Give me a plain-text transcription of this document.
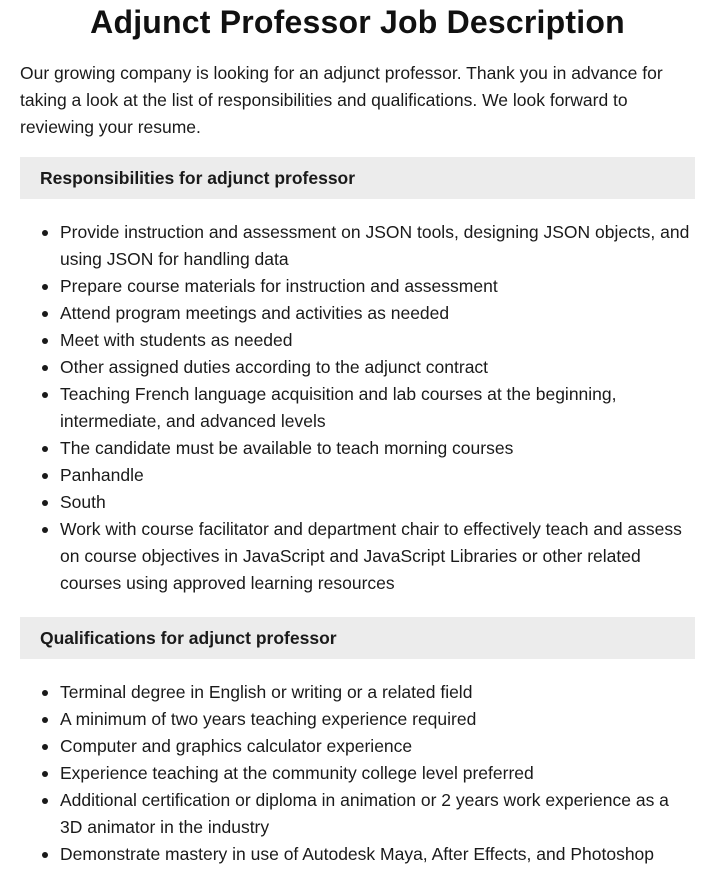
Adjunct Professor Job Description

Our growing company is looking for an adjunct professor. Thank you in advance for taking a look at the list of responsibilities and qualifications. We look forward to reviewing your resume.

Responsibilities for adjunct professor
Provide instruction and assessment on JSON tools, designing JSON objects, and using JSON for handling data
Prepare course materials for instruction and assessment
Attend program meetings and activities as needed
Meet with students as needed
Other assigned duties according to the adjunct contract
Teaching French language acquisition and lab courses at the beginning, intermediate, and advanced levels
The candidate must be available to teach morning courses
Panhandle
South
Work with course facilitator and department chair to effectively teach and assess on course objectives in JavaScript and JavaScript Libraries or other related courses using approved learning resources
Qualifications for adjunct professor
Terminal degree in English or writing or a related field
A minimum of two years teaching experience required
Computer and graphics calculator experience
Experience teaching at the community college level preferred
Additional certification or diploma in animation or 2 years work experience as a 3D animator in the industry
Demonstrate mastery in use of Autodesk Maya, After Effects, and Photoshop
